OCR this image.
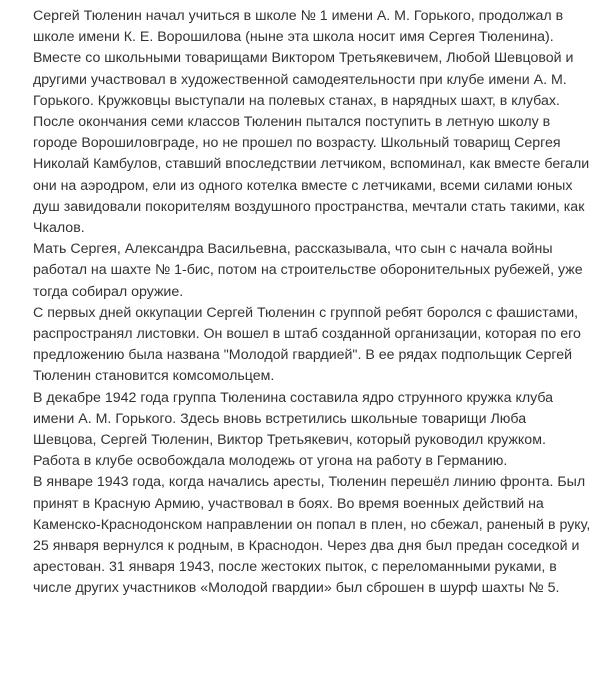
Сергей Тюленин начал учиться в школе № 1 имени А. М. Горького, продолжал в школе имени К. Е. Ворошилова (ныне эта школа носит имя Сергея Тюленина). Вместе со школьными товарищами Виктором Третьякевичем, Любой Шевцовой и другими участвовал в художественной самодеятельности при клубе имени А. М. Горького. Кружковцы выступали на полевых станах, в нарядных шахт, в клубах.

После окончания семи классов Тюленин пытался поступить в летную школу в городе Ворошиловграде, но не прошел по возрасту. Школьный товарищ Сергея Николай Камбулов, ставший впоследствии летчиком, вспоминал, как вместе бегали они на аэродром, ели из одного котелка вместе с летчиками, всеми силами юных душ завидовали покорителям воздушного пространства, мечтали стать такими, как Чкалов.

Мать Сергея, Александра Васильевна, рассказывала, что сын с начала войны работал на шахте № 1-бис, потом на строительстве оборонительных рубежей, уже тогда собирал оружие.

С первых дней оккупации Сергей Тюленин с группой ребят боролся с фашистами, распространял листовки. Он вошел в штаб созданной организации, которая по его предложению была названа "Молодой гвардией". В ее рядах подпольщик Сергей Тюленин становится комсомольцем.

В декабре 1942 года группа Тюленина составила ядро струнного кружка клуба имени А. М. Горького. Здесь вновь встретились школьные товарищи Люба Шевцова, Сергей Тюленин, Виктор Третьякевич, который руководил кружком. Работа в клубе освобождала молодежь от угона на работу в Германию.

В январе 1943 года, когда начались аресты, Тюленин перешёл линию фронта. Был принят в Красную Армию, участвовал в боях. Во время военных действий на Каменско-Краснодонском направлении он попал в плен, но сбежал, раненый в руку, 25 января вернулся к родным, в Краснодон. Через два дня был предан соседкой и арестован. 31 января 1943, после жестоких пыток, с переломанными руками, в числе других участников «Молодой гвардии» был сброшен в шурф шахты № 5.
